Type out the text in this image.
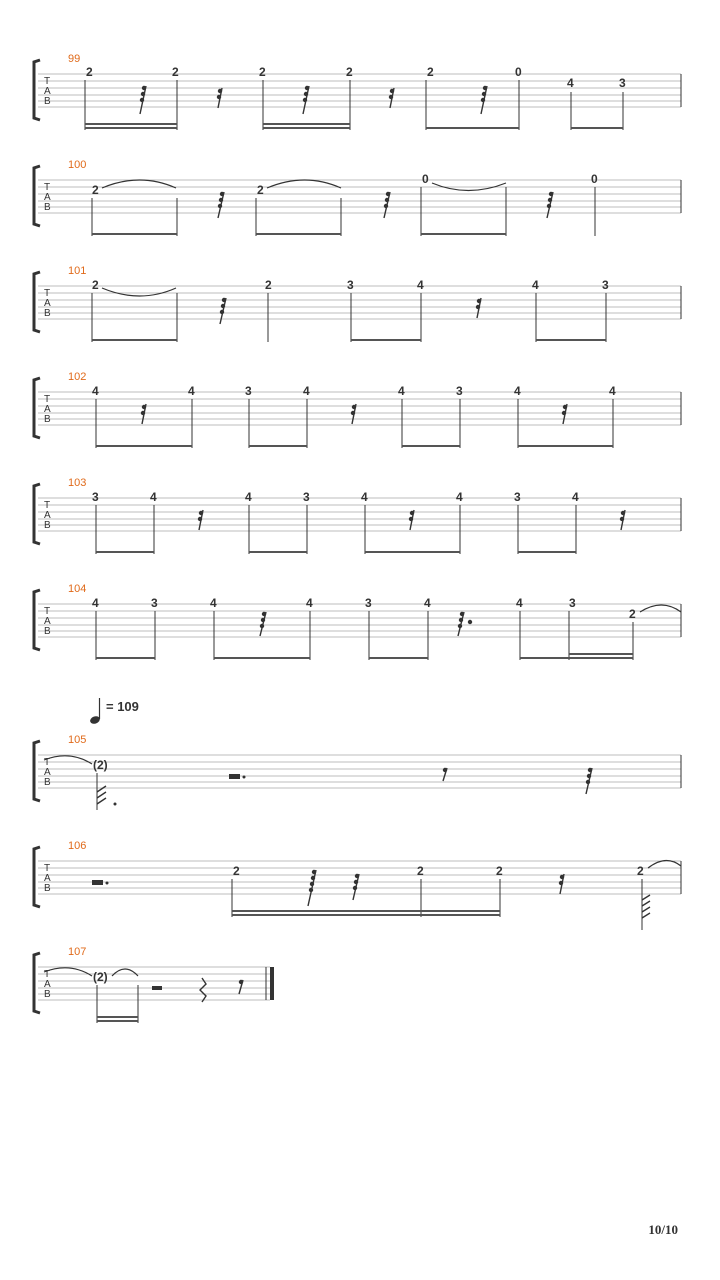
99
T
A
B
2	2	2	2	2	0
4	3
100
T
A
B
2	2
0	0
101
T
A
B
2	2	3	4	4	3
102
T
A
B
4	4	3	4	4	3	4	4
103
T
A
B
3	4	4	3	4	4	3	4
104
T
A
B
4	3	4	4	3	4	4	3
2
= 109
105
T
A
B
(2)
106
T
A
B
2	2	2	2
107
T
A
B
(2)
10/10
